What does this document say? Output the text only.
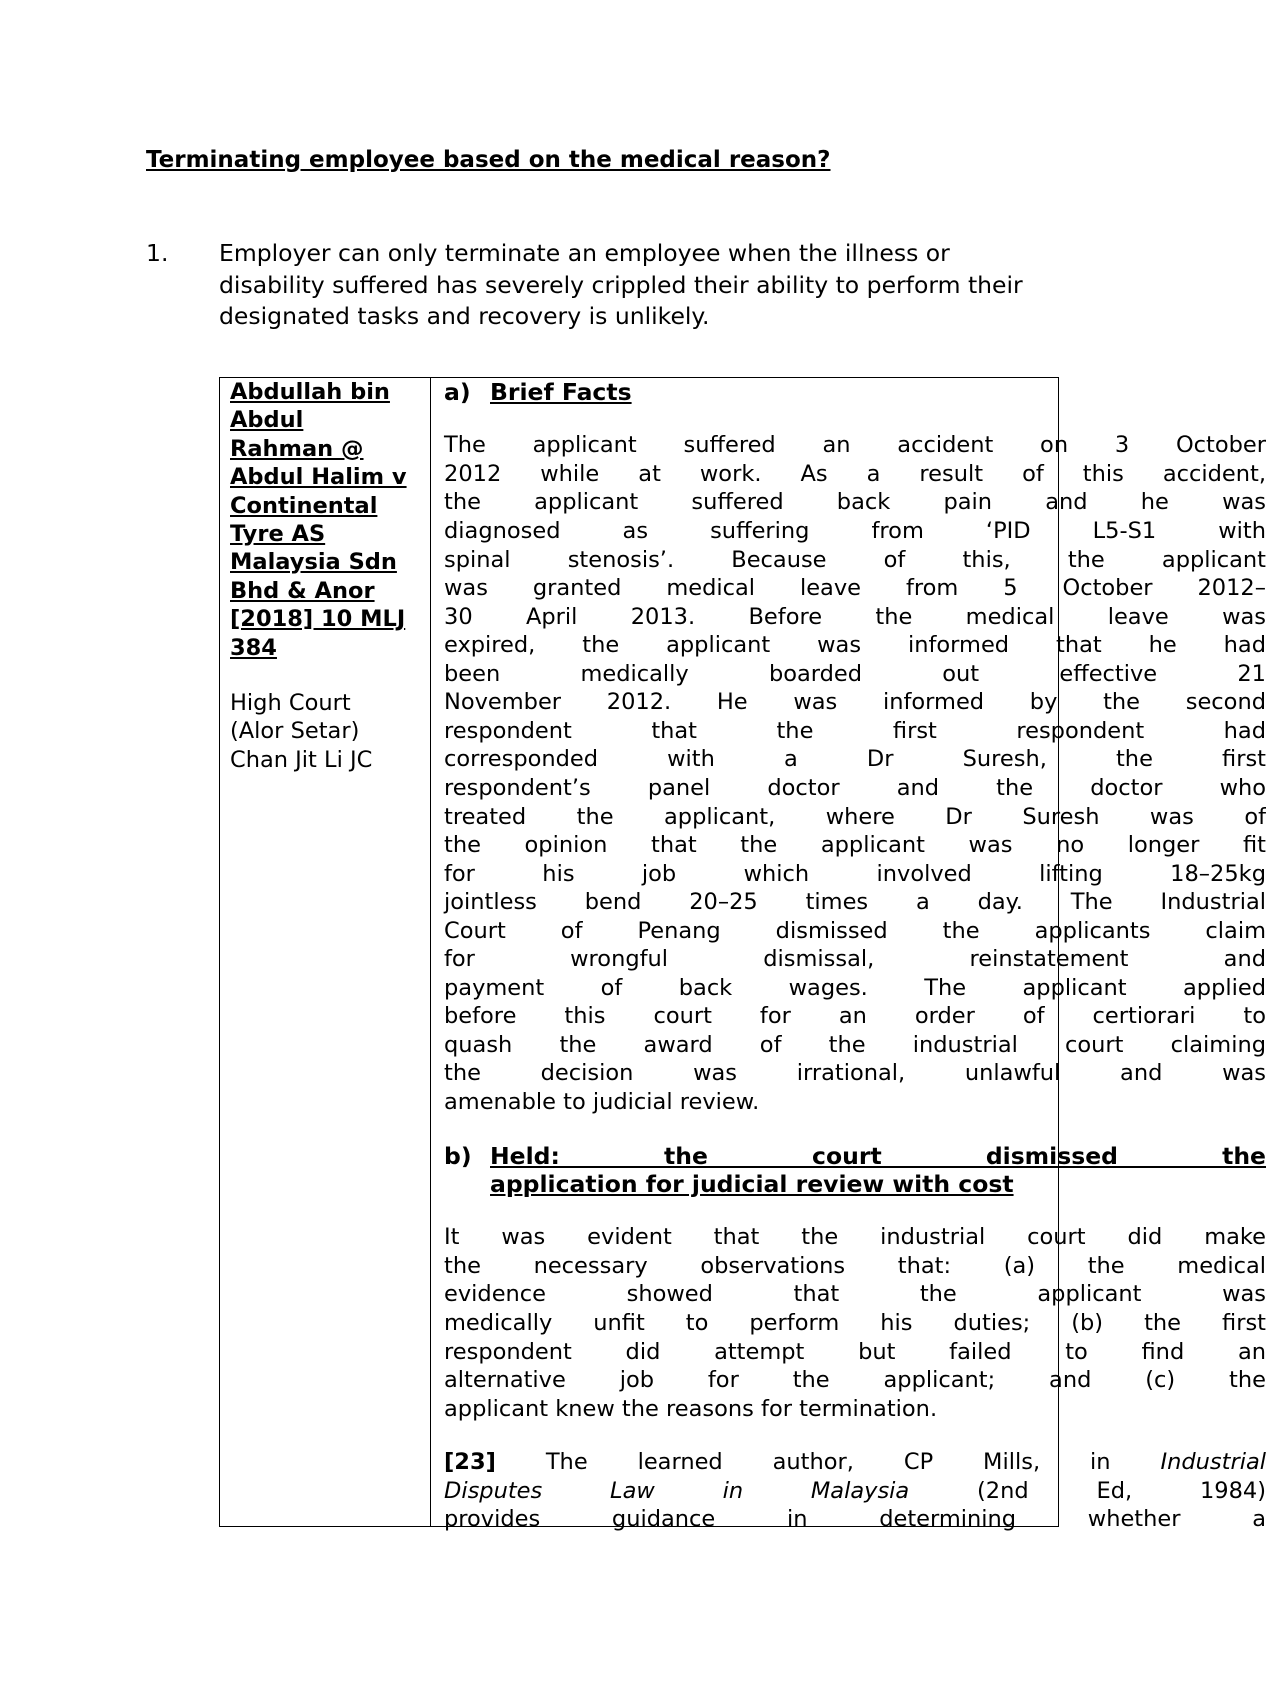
Terminating employee based on the medical reason?
1. Employer can only terminate an employee when the illness or
disability suffered has severely crippled their ability to perform their
designated tasks and recovery is unlikely.
Abdullah bin
Abdul
Rahman @
Abdul Halim v
Continental
Tyre AS
Malaysia Sdn
Bhd & Anor
[2018] 10 MLJ
384
High Court
(Alor Setar)
Chan Jit Li JC
a) Brief Facts
The applicant suffered an accident on 3 October
2012 while at work. As a result of this accident,
the applicant suffered back pain and he was
diagnosed as suffering from ‘PID L5-S1 with
spinal stenosis’. Because of this, the applicant
was granted medical leave from 5 October 2012–
30 April 2013. Before the medical leave was
expired, the applicant was informed that he had
been medically boarded out effective 21
November 2012. He was informed by the second
respondent that the first respondent had
corresponded with a Dr Suresh, the first
respondent’s panel doctor and the doctor who
treated the applicant, where Dr Suresh was of
the opinion that the applicant was no longer fit
for his job which involved lifting 18–25kg
jointless bend 20–25 times a day. The Industrial
Court of Penang dismissed the applicants claim
for wrongful dismissal, reinstatement and
payment of back wages. The applicant applied
before this court for an order of certiorari to
quash the award of the industrial court claiming
the decision was irrational, unlawful and was
amenable to judicial review.
b) Held: the court dismissed the
application for judicial review with cost
It was evident that the industrial court did make
the necessary observations that: (a) the medical
evidence showed that the applicant was
medically unfit to perform his duties; (b) the first
respondent did attempt but failed to find an
alternative job for the applicant; and (c) the
applicant knew the reasons for termination.
[23] The learned author, CP Mills, in Industrial
Disputes Law in Malaysia (2nd Ed, 1984)
provides guidance in determining whether a
